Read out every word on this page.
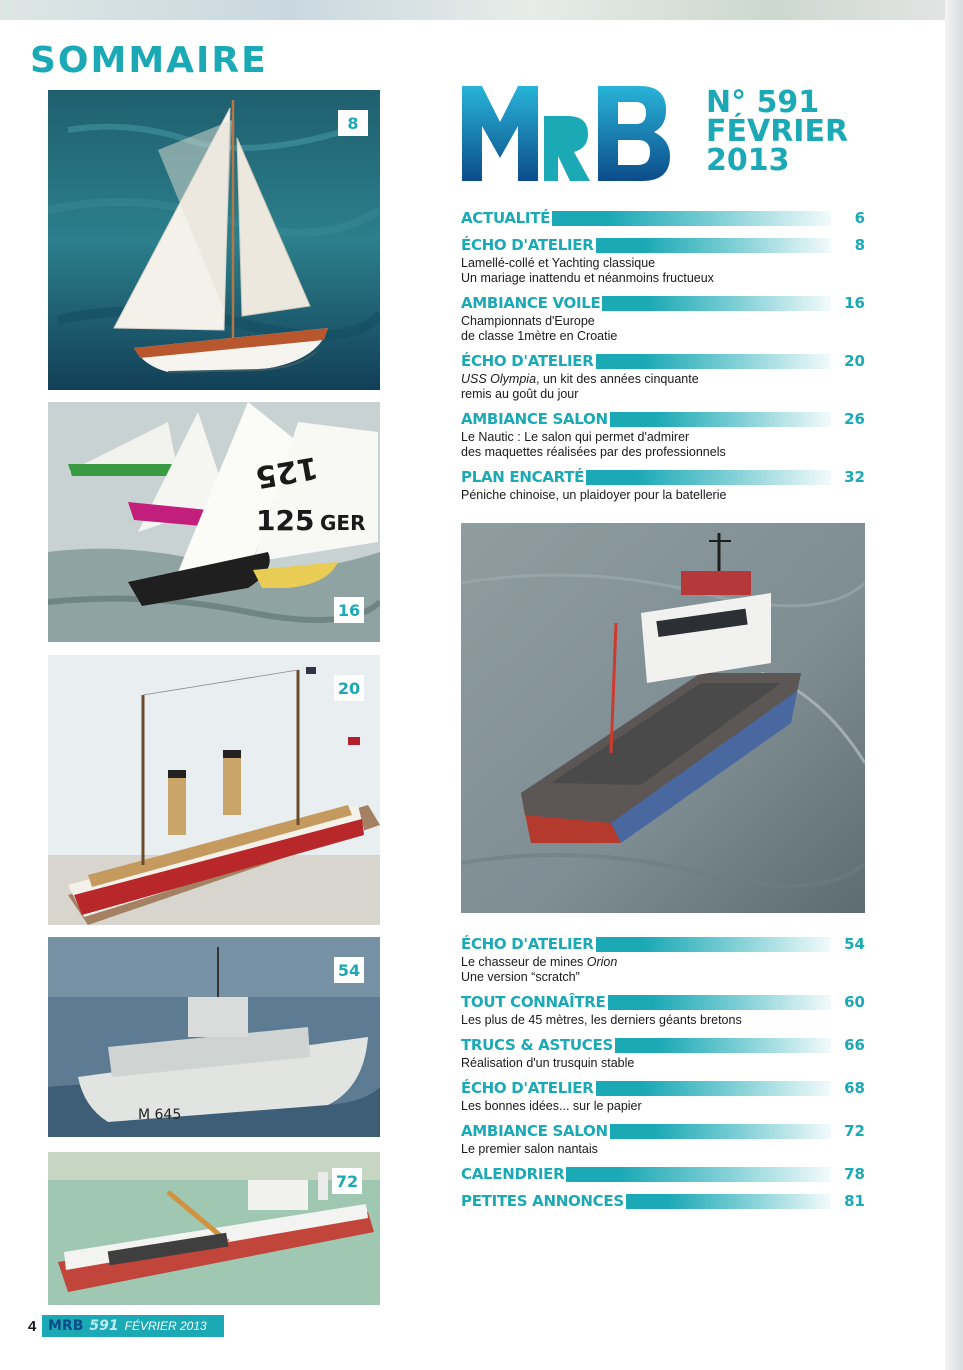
SOMMAIRE
8
125
125 GER
16
20
M 645
54
72
N° 591
FÉVRIER
2013
ACTUALITÉ	6
ÉCHO D'ATELIER	8
Lamellé-collé et Yachting classique
Un mariage inattendu et néanmoins fructueux
AMBIANCE VOILE	16
Championnats d'Europe
de classe 1mètre en Croatie
ÉCHO D'ATELIER	20
USS Olympia, un kit des années cinquante
remis au goût du jour
AMBIANCE SALON	26
Le Nautic : Le salon qui permet d'admirer
des maquettes réalisées par des professionnels
PLAN ENCARTÉ	32
Péniche chinoise, un plaidoyer pour la batellerie
ÉCHO D'ATELIER	54
Le chasseur de mines Orion
Une version “scratch”
TOUT CONNAÎTRE	60
Les plus de 45 mètres, les derniers géants bretons
TRUCS & ASTUCES	66
Réalisation d'un trusquin stable
ÉCHO D'ATELIER	68
Les bonnes idées... sur le papier
AMBIANCE SALON	72
Le premier salon nantais
CALENDRIER	78
PETITES ANNONCES	81
4 MRB 591 FÉVRIER 2013
